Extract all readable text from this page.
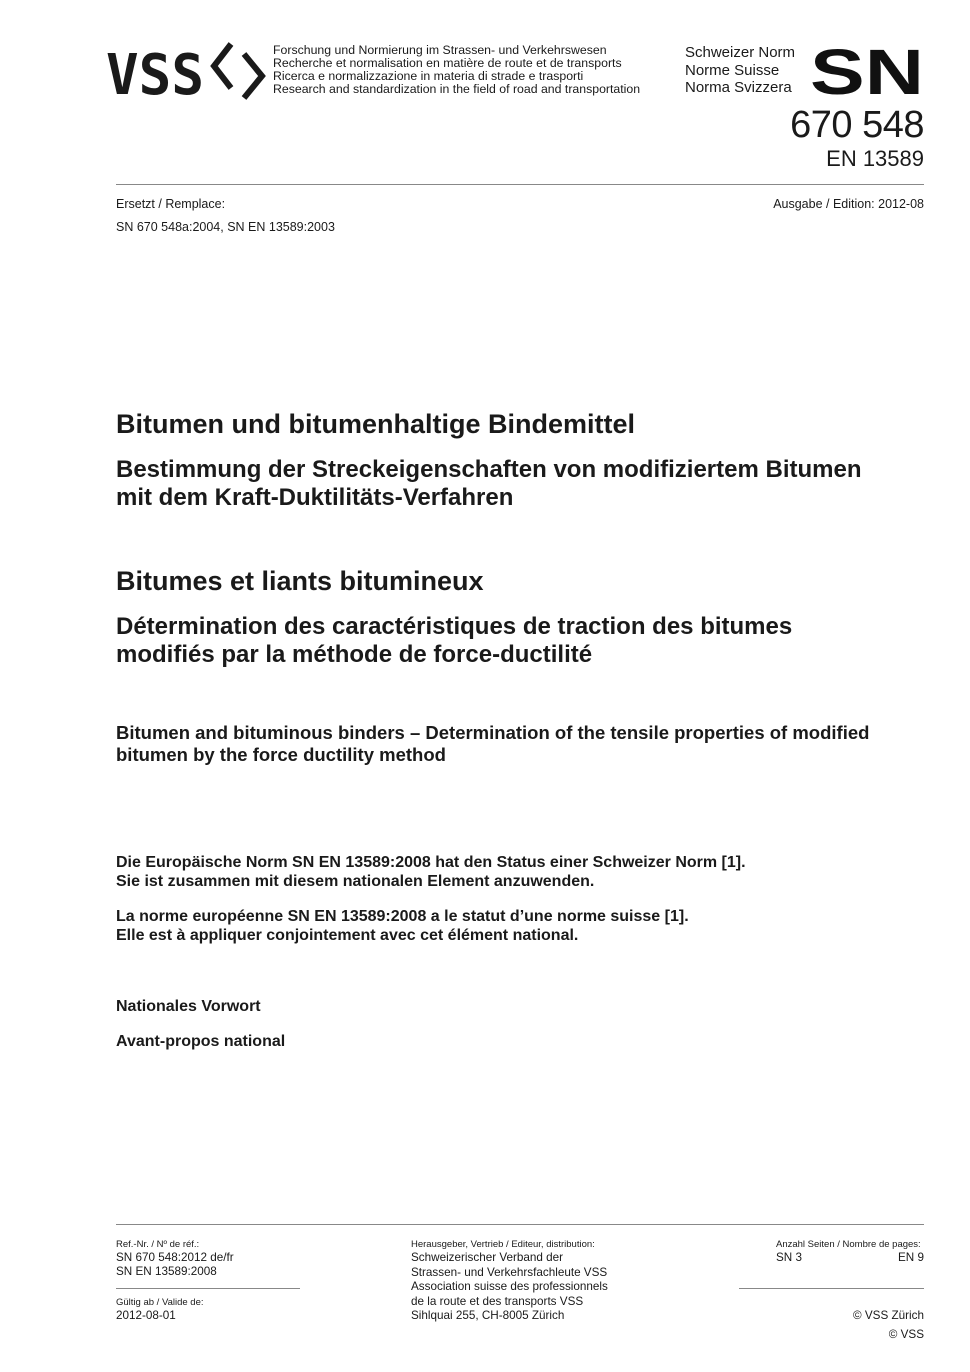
VSS	Forschung und Normierung im Strassen- und Verkehrswesen
Recherche et normalisation en matière de route et de transports
Ricerca e normalizzazione in materia di strade e trasporti
Research and standardization in the field of road and transportation
Schweizer Norm
Norme Suisse
Norma Svizzera SN
670 548
EN 13589
Ersetzt / Remplace:	Ausgabe / Edition: 2012-08
SN 670 548a:2004, SN EN 13589:2003
Bitumen und bitumenhaltige Bindemittel
Bestimmung der Streckeigenschaften von modifiziertem Bitumen
mit dem Kraft-Duktilitäts-Verfahren
Bitumes et liants bitumineux
Détermination des caractéristiques de traction des bitumes
modifiés par la méthode de force-ductilité
Bitumen and bituminous binders – Determination of the tensile properties of modified
bitumen by the force ductility method
Die Europäische Norm SN EN 13589:2008 hat den Status einer Schweizer Norm [1].
Sie ist zusammen mit diesem nationalen Element anzuwenden.
La norme européenne SN EN 13589:2008 a le statut d’une norme suisse [1].
Elle est à appliquer conjointement avec cet élément national.
Nationales Vorwort
Avant-propos national
Ref.-Nr. / Nº de réf.:
SN 670 548:2012 de/fr
SN EN 13589:2008
Gültig ab / Valide de:
2012-08-01
Herausgeber, Vertrieb / Editeur, distribution:
Schweizerischer Verband der
Strassen- und Verkehrsfachleute VSS
Association suisse des professionnels
de la route et des transports VSS
Sihlquai 255, CH-8005 Zürich
Anzahl Seiten / Nombre de pages:
SN 3	EN 9
© VSS Zürich
© VSS
